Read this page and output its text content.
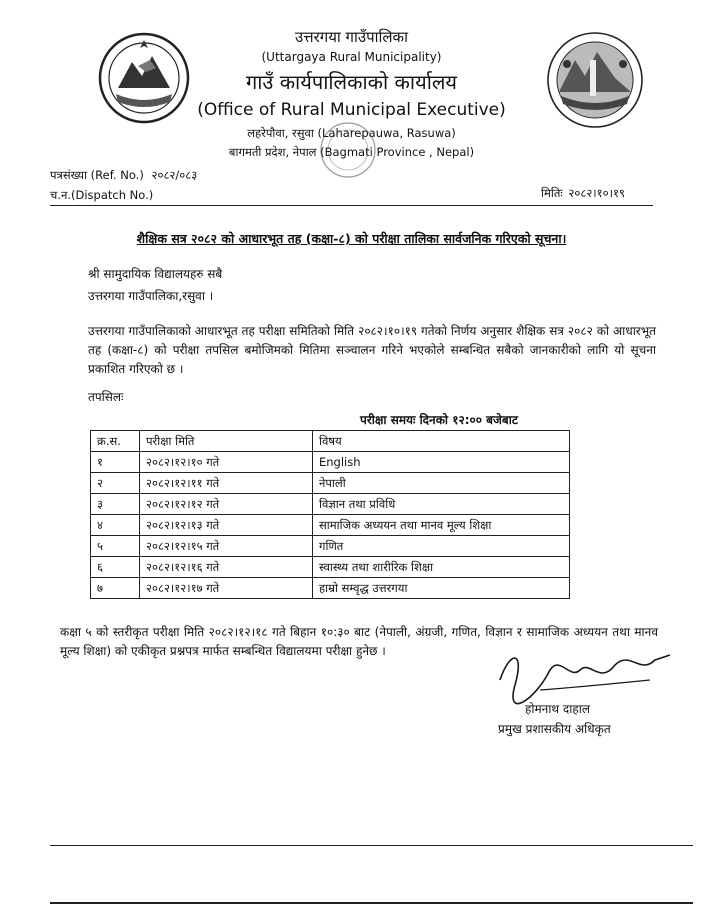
उत्तरगया गाउँपालिका
(Uttargaya Rural Municipality)
गाउँ कार्यपालिकाको कार्यालय
(Office of Rural Municipal Executive)
लहरेपौवा, रसुवा (Laharepauwa, Rasuwa)
बागमती प्रदेश, नेपाल (Bagmati Province , Nepal)
पत्रसंख्या (Ref. No.) २०८२/०८३
च.न.(Dispatch No.)	मितिः २०८२।१०।१९
शैक्षिक सत्र २०८२ को आधारभूत तह (कक्षा-८) को परीक्षा तालिका सार्वजनिक गरिएको सूचना।
श्री सामुदायिक विद्यालयहरु सबै
उत्तरगया गाउँपालिका,रसुवा ।
उत्तरगया गाउँपालिकाको आधारभूत तह परीक्षा समितिको मिति २०८२।१०।१९ गतेको निर्णय अनुसार शैक्षिक सत्र २०८२ को आधारभूत तह (कक्षा-८) को परीक्षा तपसिल बमोजिमको मितिमा सञ्चालन गरिने भएकोले सम्बन्धित सबैको जानकारीको लागि यो सूचना प्रकाशित गरिएको छ ।
तपसिलः
परीक्षा समयः दिनको १२:०० बजेबाट
क्र.स.	परीक्षा मिति	विषय
१	२०८२।१२।१० गते	English
२	२०८२।१२।११ गते	नेपाली
३	२०८२।१२।१२ गते	विज्ञान तथा प्रविधि
४	२०८२।१२।१३ गते	सामाजिक अध्ययन तथा मानव मूल्य शिक्षा
५	२०८२।१२।१५ गते	गणित
६	२०८२।१२।१६ गते	स्वास्थ्य तथा शारीरिक शिक्षा
७	२०८२।१२।१७ गते	हाम्रो सम्वृद्ध उत्तरगया
कक्षा ५ को स्तरीकृत परीक्षा मिति २०८२।१२।१८ गते बिहान १०:३० बाट (नेपाली, अंग्रजी, गणित, विज्ञान र सामाजिक अध्ययन तथा मानव मूल्य शिक्षा) को एकीकृत प्रश्नपत्र मार्फत सम्बन्धित विद्यालयमा परीक्षा हुनेछ ।
होमनाथ दाहाल
प्रमुख प्रशासकीय अधिकृत
